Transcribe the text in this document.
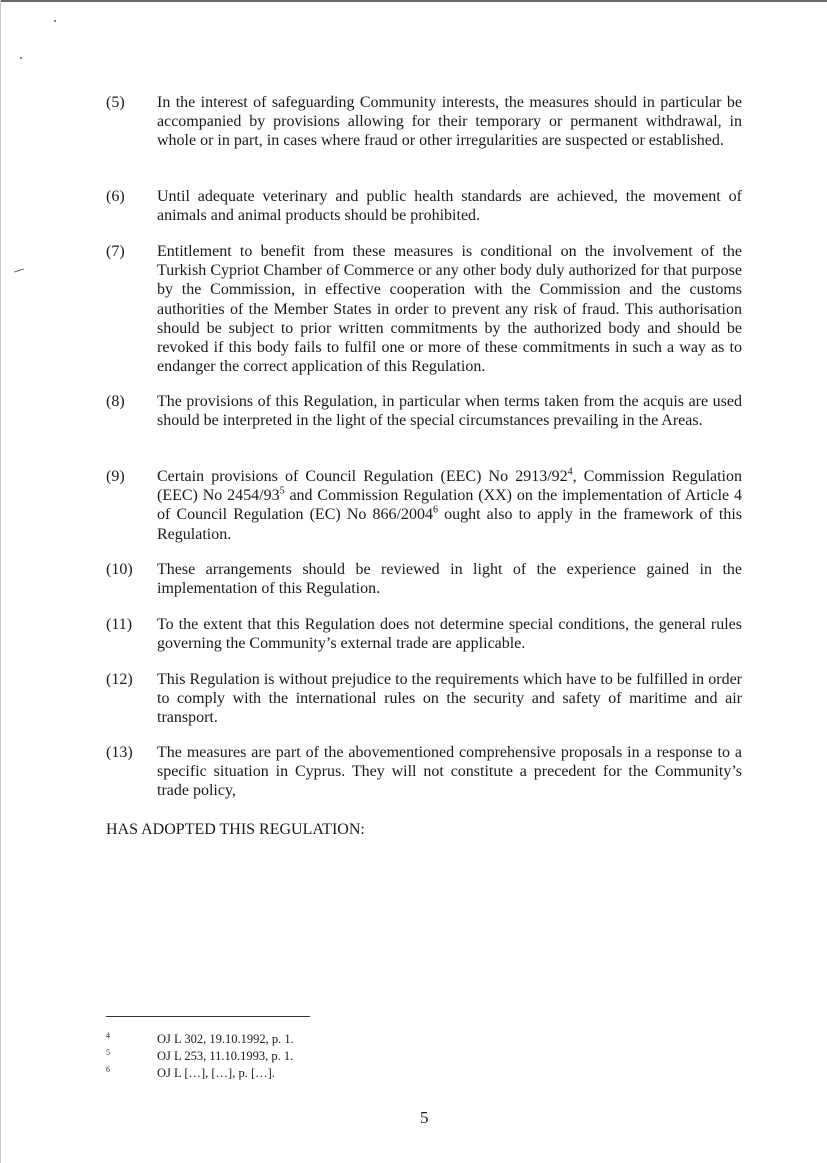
(5)	In the interest of safeguarding Community interests, the measures should in particular be accompanied by provisions allowing for their temporary or permanent withdrawal, in whole or in part, in cases where fraud or other irregularities are suspected or established.
(6)	Until adequate veterinary and public health standards are achieved, the movement of animals and animal products should be prohibited.
(7)	Entitlement to benefit from these measures is conditional on the involvement of the Turkish Cypriot Chamber of Commerce or any other body duly authorized for that purpose by the Commission, in effective cooperation with the Commission and the customs authorities of the Member States in order to prevent any risk of fraud. This authorisation should be subject to prior written commitments by the authorized body and should be revoked if this body fails to fulfil one or more of these commitments in such a way as to endanger the correct application of this Regulation.
(8)	The provisions of this Regulation, in particular when terms taken from the acquis are used should be interpreted in the light of the special circumstances prevailing in the Areas.
(9)	Certain provisions of Council Regulation (EEC) No $2913/92^4$, Commission Regulation (EEC) No $2454/93^5$ and Commission Regulation (XX) on the implementation of Article 4 of Council Regulation (EC) No 866/2004$^6$ ought also to apply in the framework of this Regulation.
(10)	These arrangements should be reviewed in light of the experience gained in the implementation of this Regulation.
(11)	To the extent that this Regulation does not determine special conditions, the general rules governing the Community’s external trade are applicable.
(12)	This Regulation is without prejudice to the requirements which have to be fulfilled in order to comply with the international rules on the security and safety of maritime and air transport.
(13)	The measures are part of the abovementioned comprehensive proposals in a response to a specific situation in Cyprus. They will not constitute a precedent for the Community’s trade policy,
HAS ADOPTED THIS REGULATION:
4	OJ L 302, 19.10.1992, p. 1.
5	OJ L 253, 11.10.1993, p. 1.
6	OJ L […], […], p. […].
5
